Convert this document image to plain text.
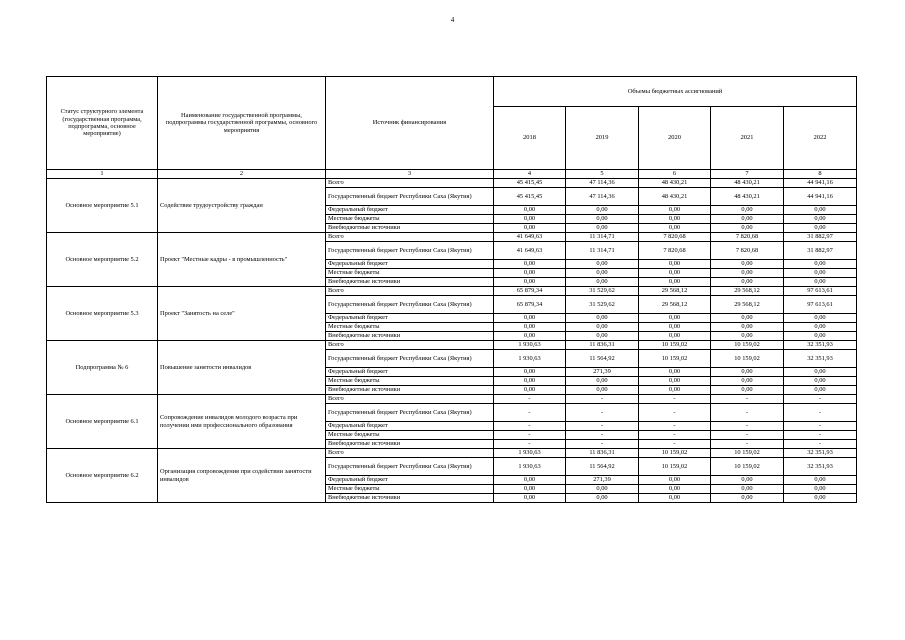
4
Статус структурного элемента (государственная программа, подпрограмма, основное мероприятие)	Наименование государственной программы, подпрограммы государственной программы, основного мероприятия	Источник финансирования	Объемы бюджетных ассигнований				
			2018	2019	2020	2021	2022
1	2	3	4	5	6	7	8
Основное мероприятие 5.1	Содействие трудоустройству граждан	Всего	45 415,45	47 114,36	48 430,21	48 430,21	44 941,16
		Государственный бюджет Республики Саха (Якутия)	45 415,45	47 114,36	48 430,21	48 430,21	44 941,16
		Федеральный бюджет	0,00	0,00	0,00	0,00	0,00
		Местные бюджеты	0,00	0,00	0,00	0,00	0,00
		Внебюджетные источники	0,00	0,00	0,00	0,00	0,00
Основное мероприятие 5.2	Проект "Местные кадры - в промышленность"	Всего	41 649,63	11 314,71	7 820,68	7 820,68	31 882,97
		Государственный бюджет Республики Саха (Якутия)	41 649,63	11 314,71	7 820,68	7 820,68	31 882,97
		Федеральный бюджет	0,00	0,00	0,00	0,00	0,00
		Местные бюджеты	0,00	0,00	0,00	0,00	0,00
		Внебюджетные источники	0,00	0,00	0,00	0,00	0,00
Основное мероприятие 5.3	Проект "Занятость на селе"	Всего	65 879,34	31 529,62	29 568,12	29 568,12	97 613,61
		Государственный бюджет Республики Саха (Якутия)	65 879,34	31 529,62	29 568,12	29 568,12	97 613,61
		Федеральный бюджет	0,00	0,00	0,00	0,00	0,00
		Местные бюджеты	0,00	0,00	0,00	0,00	0,00
		Внебюджетные источники	0,00	0,00	0,00	0,00	0,00
Подпрограмма № 6	Повышение занятости инвалидов	Всего	1 930,63	11 836,31	10 159,02	10 159,02	32 351,93
		Государственный бюджет Республики Саха (Якутия)	1 930,63	11 564,92	10 159,02	10 159,02	32 351,93
		Федеральный бюджет	0,00	271,39	0,00	0,00	0,00
		Местные бюджеты	0,00	0,00	0,00	0,00	0,00
		Внебюджетные источники	0,00	0,00	0,00	0,00	0,00
Основное мероприятие 6.1	Сопровождение инвалидов молодого возраста при получении ими профессионального образования	Всего	-	-	-	-	-
		Государственный бюджет Республики Саха (Якутия)	-	-	-	-	-
		Федеральный бюджет	-	-	-	-	-
		Местные бюджеты	-	-	-	-	-
		Внебюджетные источники	-	-	-	-	-
Основное мероприятие 6.2	Организация сопровождения при содействии занятости инвалидов	Всего	1 930,63	11 836,31	10 159,02	10 159,02	32 351,93
		Государственный бюджет Республики Саха (Якутия)	1 930,63	11 564,92	10 159,02	10 159,02	32 351,93
		Федеральный бюджет	0,00	271,39	0,00	0,00	0,00
		Местные бюджеты	0,00	0,00	0,00	0,00	0,00
		Внебюджетные источники	0,00	0,00	0,00	0,00	0,00
